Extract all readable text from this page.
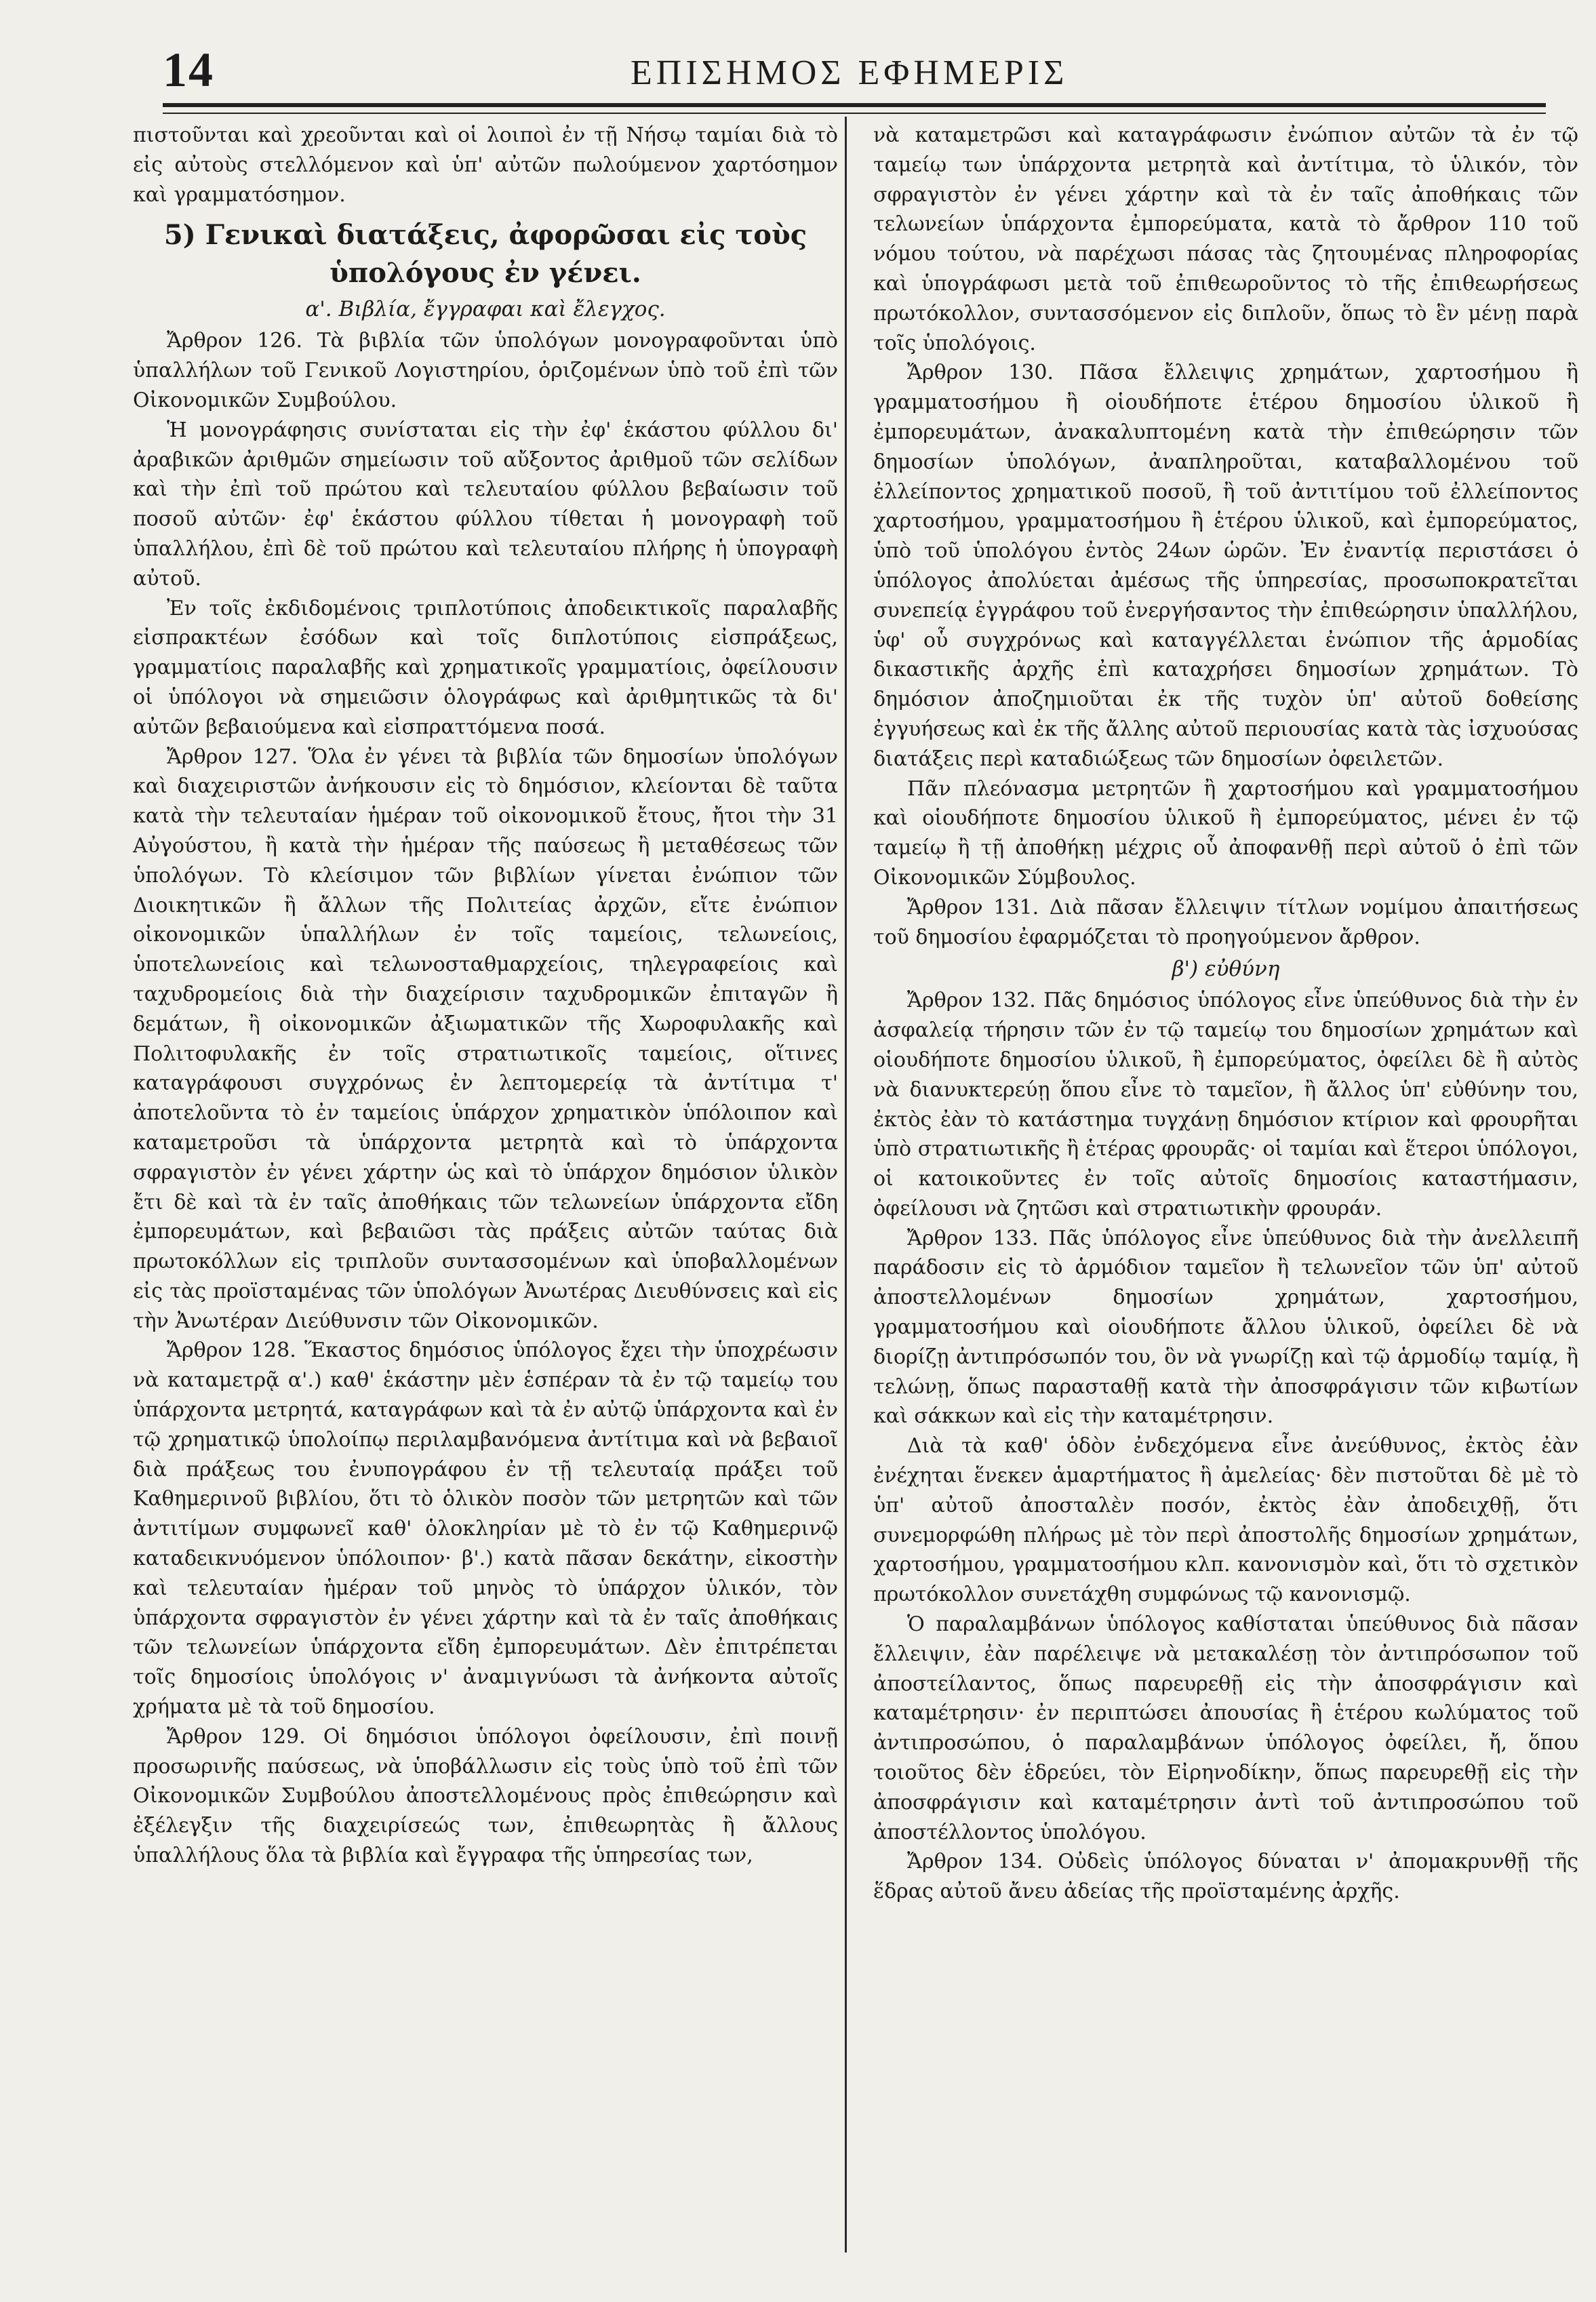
14	ΕΠΙΣΗΜΟΣ ΕΦΗΜΕΡΙΣ

πιστοῦνται καὶ χρεοῦνται καὶ οἱ λοιποὶ ἐν τῇ Νήσῳ ταμίαι διὰ τὸ εἰς αὐτοὺς στελλόμενον καὶ ὑπ' αὐτῶν πωλούμενον χαρτόσημον καὶ γραμματόσημον.

5) Γενικαὶ διατάξεις, ἀφορῶσαι εἰς τοὺς ὑπολόγους ἐν γένει.
α'. Βιβλία, ἔγγραφαι καὶ ἔλεγχος.

Ἄρθρον 126. Τὰ βιβλία τῶν ὑπολόγων μονογραφοῦνται ὑπὸ ὑπαλλήλων τοῦ Γενικοῦ Λογιστηρίου, ὁριζομένων ὑπὸ τοῦ ἐπὶ τῶν Οἰκονομικῶν Συμβούλου.

Ἡ μονογράφησις συνίσταται εἰς τὴν ἐφ' ἑκάστου φύλλου δι' ἀραβικῶν ἀριθμῶν σημείωσιν τοῦ αὔξοντος ἀριθμοῦ τῶν σελίδων καὶ τὴν ἐπὶ τοῦ πρώτου καὶ τελευταίου φύλλου βεβαίωσιν τοῦ ποσοῦ αὐτῶν· ἐφ' ἑκάστου φύλλου τίθεται ἡ μονογραφὴ τοῦ ὑπαλλήλου, ἐπὶ δὲ τοῦ πρώτου καὶ τελευταίου πλήρης ἡ ὑπογραφὴ αὐτοῦ.

Ἐν τοῖς ἐκδιδομένοις τριπλοτύποις ἀποδεικτικοῖς παραλαβῆς εἰσπρακτέων ἐσόδων καὶ τοῖς διπλοτύποις εἰσπράξεως, γραμματίοις παραλαβῆς καὶ χρηματικοῖς γραμματίοις, ὀφείλουσιν οἱ ὑπόλογοι νὰ σημειῶσιν ὁλογράφως καὶ ἀριθμητικῶς τὰ δι' αὐτῶν βεβαιούμενα καὶ εἰσπραττόμενα ποσά.

Ἄρθρον 127. Ὅλα ἐν γένει τὰ βιβλία τῶν δημοσίων ὑπολόγων καὶ διαχειριστῶν ἀνήκουσιν εἰς τὸ δημόσιον, κλείονται δὲ ταῦτα κατὰ τὴν τελευταίαν ἡμέραν τοῦ οἰκονομικοῦ ἔτους, ἤτοι τὴν 31 Αὐγούστου, ἢ κατὰ τὴν ἡμέραν τῆς παύσεως ἢ μεταθέσεως τῶν ὑπολόγων. Τὸ κλείσιμον τῶν βιβλίων γίνεται ἐνώπιον τῶν Διοικητικῶν ἢ ἄλλων τῆς Πολιτείας ἀρχῶν, εἴτε ἐνώπιον οἰκονομικῶν ὑπαλλήλων ἐν τοῖς ταμείοις, τελωνείοις, ὑποτελωνείοις καὶ τελωνοσταθμαρχείοις, τηλεγραφείοις καὶ ταχυδρομείοις διὰ τὴν διαχείρισιν ταχυδρομικῶν ἐπιταγῶν ἢ δεμάτων, ἢ οἰκονομικῶν ἀξιωματικῶν τῆς Χωροφυλακῆς καὶ Πολιτοφυλακῆς ἐν τοῖς στρατιωτικοῖς ταμείοις, οἵτινες καταγράφουσι συγχρόνως ἐν λεπτομερείᾳ τὰ ἀντίτιμα τ' ἀποτελοῦντα τὸ ἐν ταμείοις ὑπάρχον χρηματικὸν ὑπόλοιπον καὶ καταμετροῦσι τὰ ὑπάρχοντα μετρητὰ καὶ τὸ ὑπάρχοντα σφραγιστὸν ἐν γένει χάρτην ὡς καὶ τὸ ὑπάρχον δημόσιον ὑλικὸν ἔτι δὲ καὶ τὰ ἐν ταῖς ἀποθήκαις τῶν τελωνείων ὑπάρχοντα εἴδη ἐμπορευμάτων, καὶ βεβαιῶσι τὰς πράξεις αὐτῶν ταύτας διὰ πρωτοκόλλων εἰς τριπλοῦν συντασσομένων καὶ ὑποβαλλομένων εἰς τὰς προϊσταμένας τῶν ὑπολόγων Ἀνωτέρας Διευθύνσεις καὶ εἰς τὴν Ἀνωτέραν Διεύθυνσιν τῶν Οἰκονομικῶν.

Ἄρθρον 128. Ἕκαστος δημόσιος ὑπόλογος ἔχει τὴν ὑποχρέωσιν νὰ καταμετρᾷ α'.) καθ' ἑκάστην μὲν ἑσπέραν τὰ ἐν τῷ ταμείῳ του ὑπάρχοντα μετρητά, καταγράφων καὶ τὰ ἐν αὐτῷ ὑπάρχοντα καὶ ἐν τῷ χρηματικῷ ὑπολοίπῳ περιλαμβανόμενα ἀντίτιμα καὶ νὰ βεβαιοῖ διὰ πράξεως του ἐνυπογράφου ἐν τῇ τελευταίᾳ πράξει τοῦ Καθημερινοῦ βιβλίου, ὅτι τὸ ὁλικὸν ποσὸν τῶν μετρητῶν καὶ τῶν ἀντιτίμων συμφωνεῖ καθ' ὁλοκληρίαν μὲ τὸ ἐν τῷ Καθημερινῷ καταδεικνυόμενον ὑπόλοιπον· β'.) κατὰ πᾶσαν δεκάτην, εἰκοστὴν καὶ τελευταίαν ἡμέραν τοῦ μηνὸς τὸ ὑπάρχον ὑλικόν, τὸν ὑπάρχοντα σφραγιστὸν ἐν γένει χάρτην καὶ τὰ ἐν ταῖς ἀποθήκαις τῶν τελωνείων ὑπάρχοντα εἴδη ἐμπορευμάτων. Δὲν ἐπιτρέπεται τοῖς δημοσίοις ὑπολόγοις ν' ἀναμιγνύωσι τὰ ἀνήκοντα αὐτοῖς χρήματα μὲ τὰ τοῦ δημοσίου.

Ἄρθρον 129. Οἱ δημόσιοι ὑπόλογοι ὀφείλουσιν, ἐπὶ ποινῇ προσωρινῆς παύσεως, νὰ ὑποβάλλωσιν εἰς τοὺς ὑπὸ τοῦ ἐπὶ τῶν Οἰκονομικῶν Συμβούλου ἀποστελλομένους πρὸς ἐπιθεώρησιν καὶ ἐξέλεγξιν τῆς διαχειρίσεώς των, ἐπιθεωρητὰς ἢ ἄλλους ὑπαλλήλους ὅλα τὰ βιβλία καὶ ἔγγραφα τῆς ὑπηρεσίας των,

νὰ καταμετρῶσι καὶ καταγράφωσιν ἐνώπιον αὐτῶν τὰ ἐν τῷ ταμείῳ των ὑπάρχοντα μετρητὰ καὶ ἀντίτιμα, τὸ ὑλικόν, τὸν σφραγιστὸν ἐν γένει χάρτην καὶ τὰ ἐν ταῖς ἀποθήκαις τῶν τελωνείων ὑπάρχοντα ἐμπορεύματα, κατὰ τὸ ἄρθρον 110 τοῦ νόμου τούτου, νὰ παρέχωσι πάσας τὰς ζητουμένας πληροφορίας καὶ ὑπογράφωσι μετὰ τοῦ ἐπιθεωροῦντος τὸ τῆς ἐπιθεωρήσεως πρωτόκολλον, συντασσόμενον εἰς διπλοῦν, ὅπως τὸ ἓν μένῃ παρὰ τοῖς ὑπολόγοις.

Ἄρθρον 130. Πᾶσα ἔλλειψις χρημάτων, χαρτοσήμου ἢ γραμματοσήμου ἢ οἱουδήποτε ἑτέρου δημοσίου ὑλικοῦ ἢ ἐμπορευμάτων, ἀνακαλυπτομένη κατὰ τὴν ἐπιθεώρησιν τῶν δημοσίων ὑπολόγων, ἀναπληροῦται, καταβαλλομένου τοῦ ἐλλείποντος χρηματικοῦ ποσοῦ, ἢ τοῦ ἀντιτίμου τοῦ ἐλλείποντος χαρτοσήμου, γραμματοσήμου ἢ ἑτέρου ὑλικοῦ, καὶ ἐμπορεύματος, ὑπὸ τοῦ ὑπολόγου ἐντὸς 24ων ὡρῶν. Ἐν ἐναντίᾳ περιστάσει ὁ ὑπόλογος ἀπολύεται ἀμέσως τῆς ὑπηρεσίας, προσωποκρατεῖται συνεπείᾳ ἐγγράφου τοῦ ἐνεργήσαντος τὴν ἐπιθεώρησιν ὑπαλλήλου, ὑφ' οὗ συγχρόνως καὶ καταγγέλλεται ἐνώπιον τῆς ἁρμοδίας δικαστικῆς ἀρχῆς ἐπὶ καταχρήσει δημοσίων χρημάτων. Τὸ δημόσιον ἀποζημιοῦται ἐκ τῆς τυχὸν ὑπ' αὐτοῦ δοθείσης ἐγγυήσεως καὶ ἐκ τῆς ἄλλης αὐτοῦ περιουσίας κατὰ τὰς ἰσχυούσας διατάξεις περὶ καταδιώξεως τῶν δημοσίων ὀφειλετῶν.

Πᾶν πλεόνασμα μετρητῶν ἢ χαρτοσήμου καὶ γραμματοσήμου καὶ οἱουδήποτε δημοσίου ὑλικοῦ ἢ ἐμπορεύματος, μένει ἐν τῷ ταμείῳ ἢ τῇ ἀποθήκῃ μέχρις οὗ ἀποφανθῇ περὶ αὐτοῦ ὁ ἐπὶ τῶν Οἰκονομικῶν Σύμβουλος.

Ἄρθρον 131. Διὰ πᾶσαν ἔλλειψιν τίτλων νομίμου ἀπαιτήσεως τοῦ δημοσίου ἐφαρμόζεται τὸ προηγούμενον ἄρθρον.

β') εὐθύνη

Ἄρθρον 132. Πᾶς δημόσιος ὑπόλογος εἶνε ὑπεύθυνος διὰ τὴν ἐν ἀσφαλείᾳ τήρησιν τῶν ἐν τῷ ταμείῳ του δημοσίων χρημάτων καὶ οἱουδήποτε δημοσίου ὑλικοῦ, ἢ ἐμπορεύματος, ὀφείλει δὲ ἢ αὐτὸς νὰ διανυκτερεύῃ ὅπου εἶνε τὸ ταμεῖον, ἢ ἄλλος ὑπ' εὐθύνην του, ἐκτὸς ἐὰν τὸ κατάστημα τυγχάνῃ δημόσιον κτίριον καὶ φρουρῆται ὑπὸ στρατιωτικῆς ἢ ἑτέρας φρουρᾶς· οἱ ταμίαι καὶ ἕτεροι ὑπόλογοι, οἱ κατοικοῦντες ἐν τοῖς αὐτοῖς δημοσίοις καταστήμασιν, ὀφείλουσι νὰ ζητῶσι καὶ στρατιωτικὴν φρουράν.

Ἄρθρον 133. Πᾶς ὑπόλογος εἶνε ὑπεύθυνος διὰ τὴν ἀνελλειπῆ παράδοσιν εἰς τὸ ἁρμόδιον ταμεῖον ἢ τελωνεῖον τῶν ὑπ' αὐτοῦ ἀποστελλομένων δημοσίων χρημάτων, χαρτοσήμου, γραμματοσήμου καὶ οἱουδήποτε ἄλλου ὑλικοῦ, ὀφείλει δὲ νὰ διορίζῃ ἀντιπρόσωπόν του, ὃν νὰ γνωρίζῃ καὶ τῷ ἁρμοδίῳ ταμίᾳ, ἢ τελώνῃ, ὅπως παρασταθῇ κατὰ τὴν ἀποσφράγισιν τῶν κιβωτίων καὶ σάκκων καὶ εἰς τὴν καταμέτρησιν.

Διὰ τὰ καθ' ὁδὸν ἐνδεχόμενα εἶνε ἀνεύθυνος, ἐκτὸς ἐὰν ἐνέχηται ἕνεκεν ἁμαρτήματος ἢ ἀμελείας· δὲν πιστοῦται δὲ μὲ τὸ ὑπ' αὐτοῦ ἀποσταλὲν ποσόν, ἐκτὸς ἐὰν ἀποδειχθῇ, ὅτι συνεμορφώθη πλήρως μὲ τὸν περὶ ἀποστολῆς δημοσίων χρημάτων, χαρτοσήμου, γραμματοσήμου κλπ. κανονισμὸν καὶ, ὅτι τὸ σχετικὸν πρωτόκολλον συνετάχθη συμφώνως τῷ κανονισμῷ.

Ὁ παραλαμβάνων ὑπόλογος καθίσταται ὑπεύθυνος διὰ πᾶσαν ἔλλειψιν, ἐὰν παρέλειψε νὰ μετακαλέσῃ τὸν ἀντιπρόσωπον τοῦ ἀποστείλαντος, ὅπως παρευρεθῇ εἰς τὴν ἀποσφράγισιν καὶ καταμέτρησιν· ἐν περιπτώσει ἀπουσίας ἢ ἑτέρου κωλύματος τοῦ ἀντιπροσώπου, ὁ παραλαμβάνων ὑπόλογος ὀφείλει, ἤ, ὅπου τοιοῦτος δὲν ἑδρεύει, τὸν Εἰρηνοδίκην, ὅπως παρευρεθῇ εἰς τὴν ἀποσφράγισιν καὶ καταμέτρησιν ἀντὶ τοῦ ἀντιπροσώπου τοῦ ἀποστέλλοντος ὑπολόγου.

Ἄρθρον 134. Οὐδεὶς ὑπόλογος δύναται ν' ἀπομακρυνθῇ τῆς ἕδρας αὐτοῦ ἄνευ ἀδείας τῆς προϊσταμένης ἀρχῆς.
